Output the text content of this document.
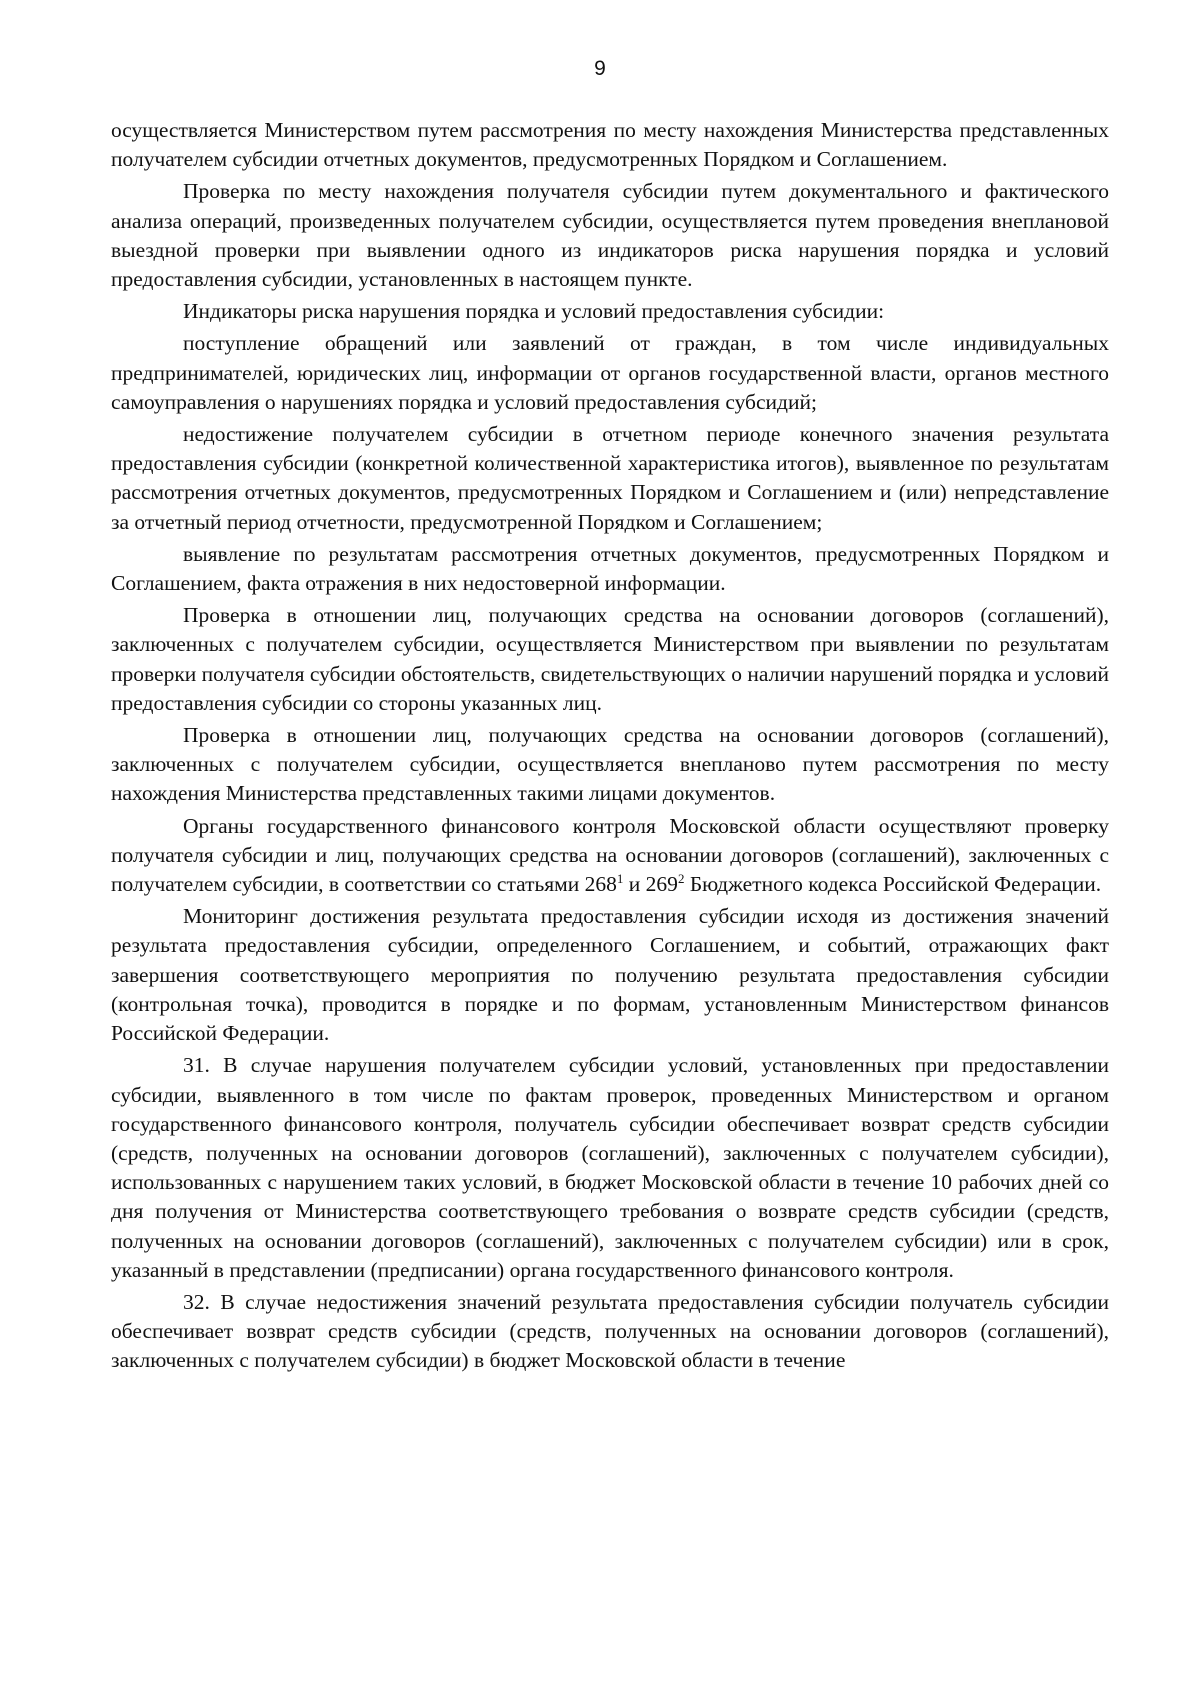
9

осуществляется Министерством путем рассмотрения по месту нахождения Министерства представленных получателем субсидии отчетных документов, предусмотренных Порядком и Соглашением.

Проверка по месту нахождения получателя субсидии путем документального и фактического анализа операций, произведенных получателем субсидии, осуществляется путем проведения внеплановой выездной проверки при выявлении одного из индикаторов риска нарушения порядка и условий предоставления субсидии, установленных в настоящем пункте.

Индикаторы риска нарушения порядка и условий предоставления субсидии:

поступление обращений или заявлений от граждан, в том числе индивидуальных предпринимателей, юридических лиц, информации от органов государственной власти, органов местного самоуправления о нарушениях порядка и условий предоставления субсидий;

недостижение получателем субсидии в отчетном периоде конечного значения результата предоставления субсидии (конкретной количественной характеристика итогов), выявленное по результатам рассмотрения отчетных документов, предусмотренных Порядком и Соглашением и (или) непредставление за отчетный период отчетности, предусмотренной Порядком и Соглашением;

выявление по результатам рассмотрения отчетных документов, предусмотренных Порядком и Соглашением, факта отражения в них недостоверной информации.

Проверка в отношении лиц, получающих средства на основании договоров (соглашений), заключенных с получателем субсидии, осуществляется Министерством при выявлении по результатам проверки получателя субсидии обстоятельств, свидетельствующих о наличии нарушений порядка и условий предоставления субсидии со стороны указанных лиц.

Проверка в отношении лиц, получающих средства на основании договоров (соглашений), заключенных с получателем субсидии, осуществляется внепланово путем рассмотрения по месту нахождения Министерства представленных такими лицами документов.

Органы государственного финансового контроля Московской области осуществляют проверку получателя субсидии и лиц, получающих средства на основании договоров (соглашений), заключенных с получателем субсидии, в соответствии со статьями $268^1$ и $269^2$ Бюджетного кодекса Российской Федерации.

Мониторинг достижения результата предоставления субсидии исходя из достижения значений результата предоставления субсидии, определенного Соглашением, и событий, отражающих факт завершения соответствующего мероприятия по получению результата предоставления субсидии (контрольная точка), проводится в порядке и по формам, установленным Министерством финансов Российской Федерации.

31. В случае нарушения получателем субсидии условий, установленных при предоставлении субсидии, выявленного в том числе по фактам проверок, проведенных Министерством и органом государственного финансового контроля, получатель субсидии обеспечивает возврат средств субсидии (средств, полученных на основании договоров (соглашений), заключенных с получателем субсидии), использованных с нарушением таких условий, в бюджет Московской области в течение 10 рабочих дней со дня получения от Министерства соответствующего требования о возврате средств субсидии (средств, полученных на основании договоров (соглашений), заключенных с получателем субсидии) или в срок, указанный в представлении (предписании) органа государственного финансового контроля.

32. В случае недостижения значений результата предоставления субсидии получатель субсидии обеспечивает возврат средств субсидии (средств, полученных на основании договоров (соглашений), заключенных с получателем субсидии) в бюджет Московской области в течение
